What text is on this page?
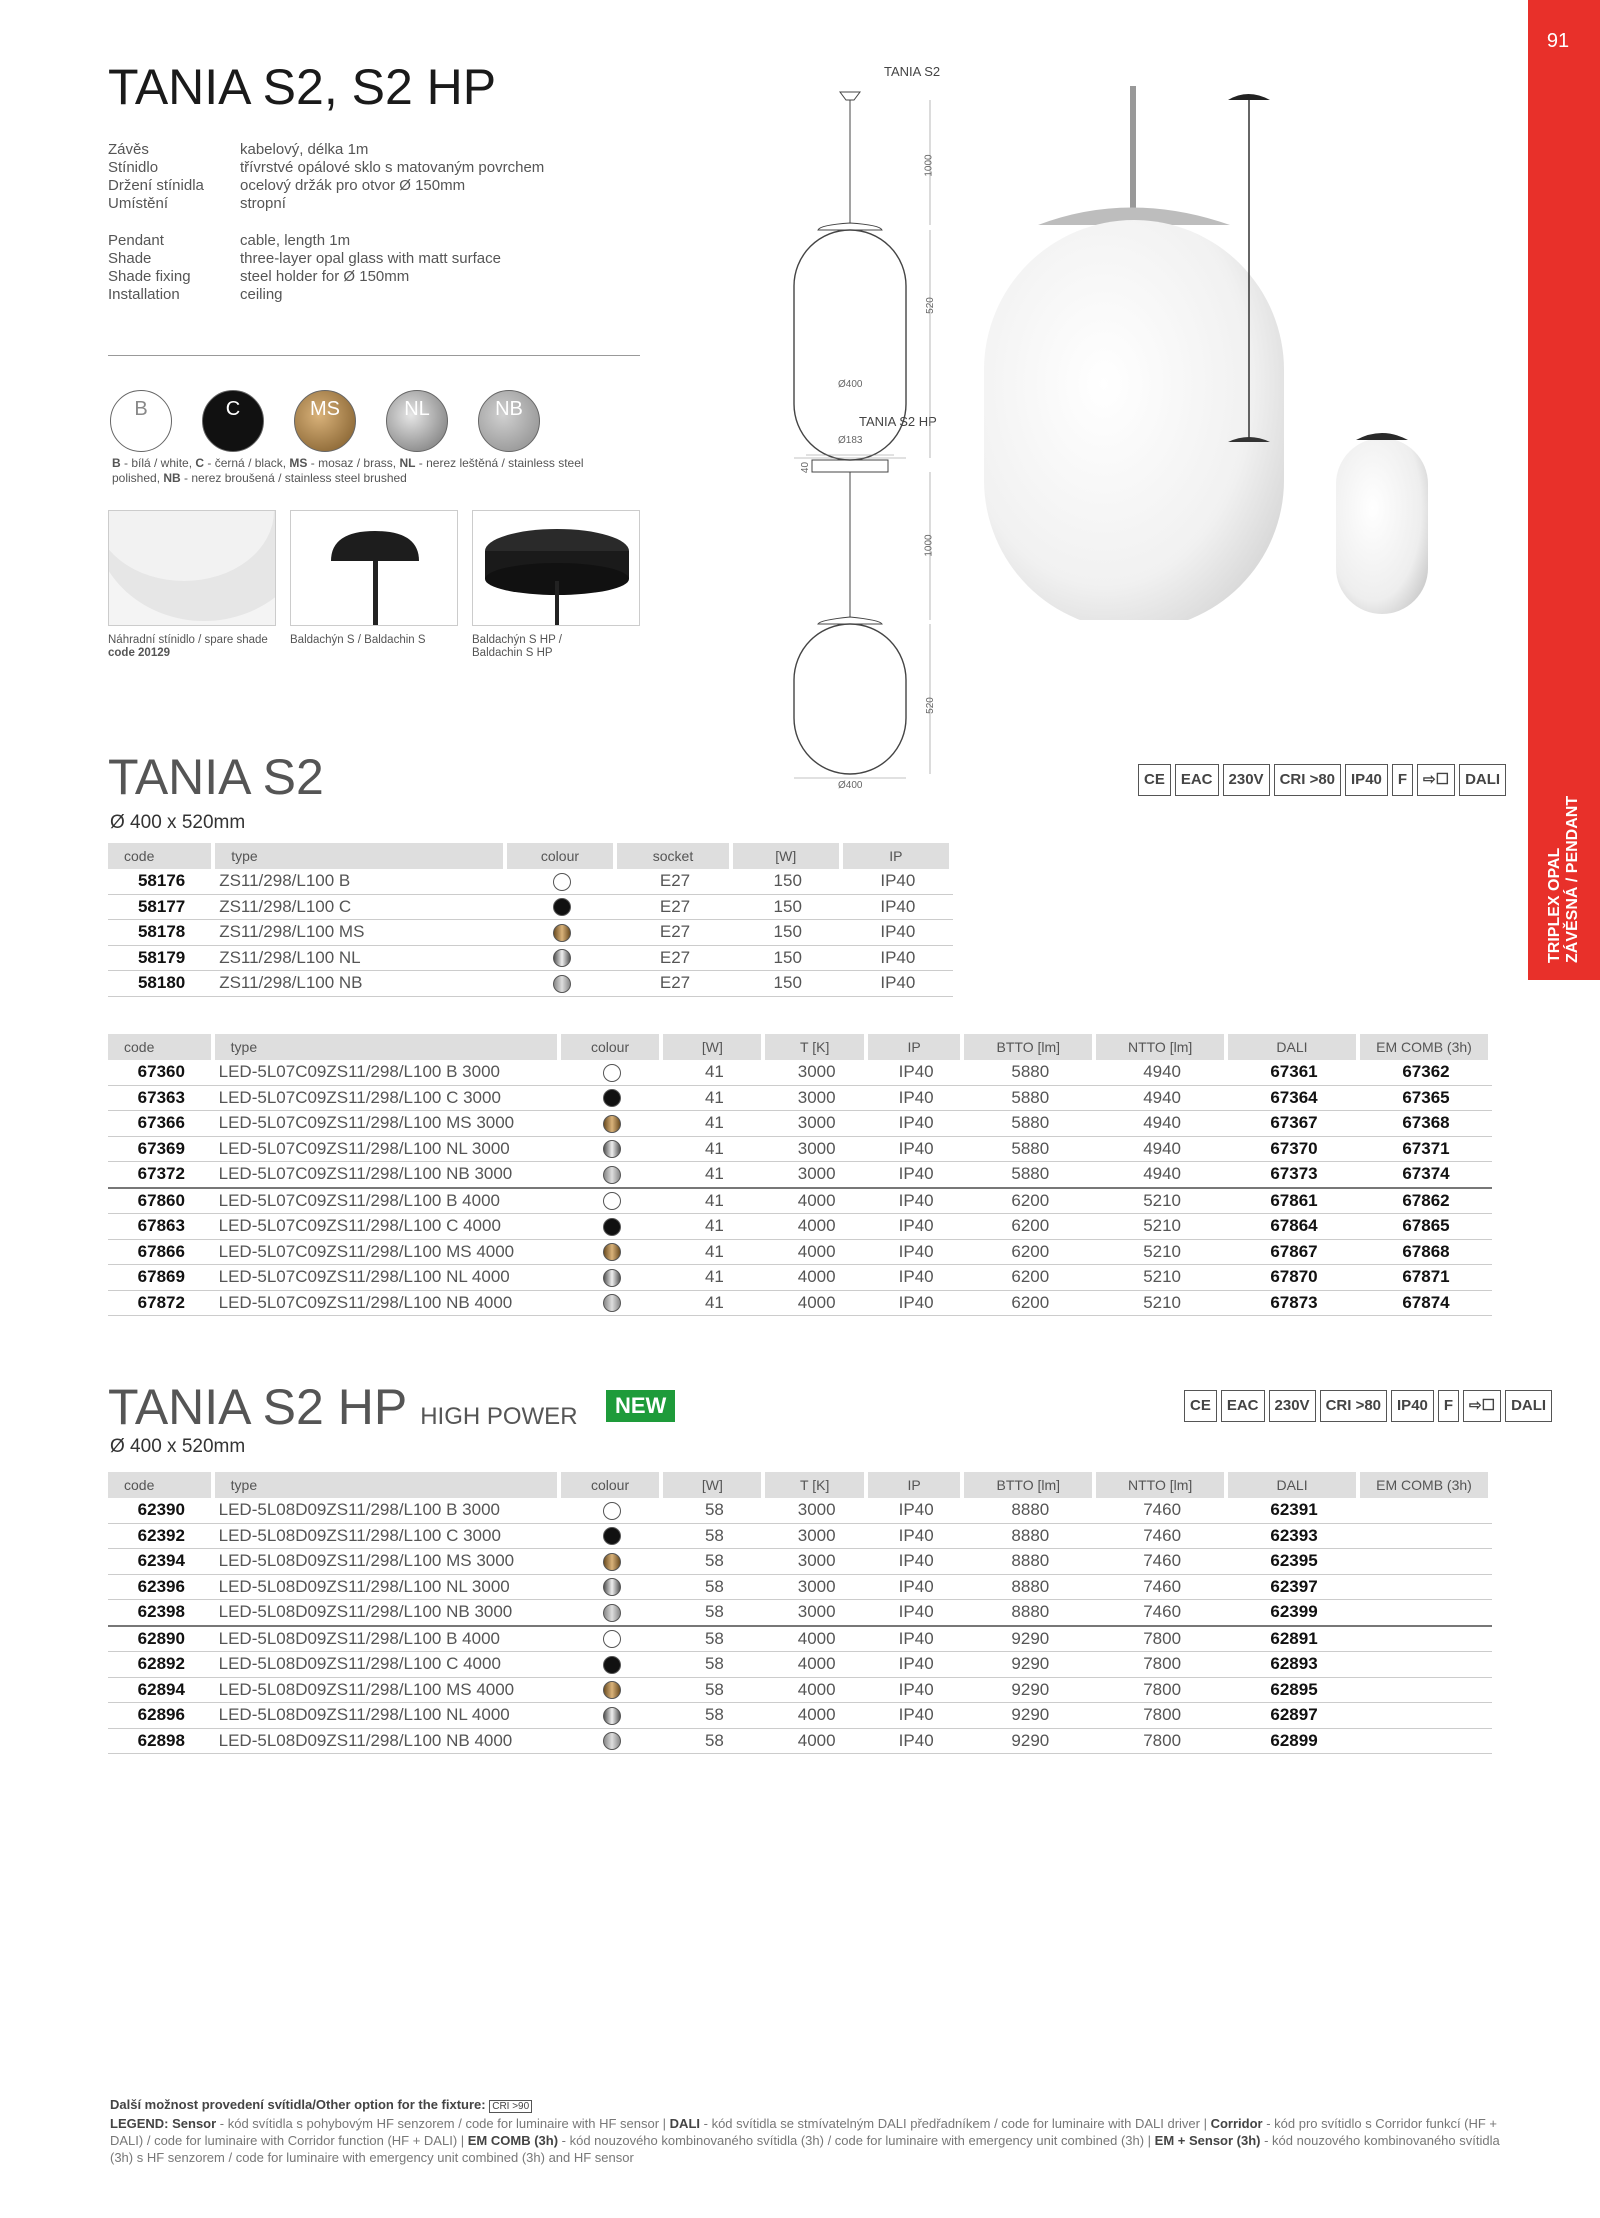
91
TRIPLEX OPAL ZÁVĚSNÁ / PENDANT
TANIA S2, S2 HP
Závěs	kabelový, délka 1m
Stínidlo	třívrstvé opálové sklo s matovaným povrchem
Držení stínidla ocelový držák pro otvor Ø 150mm
Umístění	stropní
Pendant	cable, length 1m
Shade	three-layer opal glass with matt surface
Shade fixing	steel holder for Ø 150mm
Installation	ceiling
B	C	MS	NL	NB
B - bílá / white, C - černá / black, MS - mosaz / brass, NL - nerez leštěná / stainless steel polished, NB - nerez broušená / stainless steel brushed
Náhradní stínidlo / spare shade
code 20129
Baldachýn S / Baldachin S	Baldachýn S HP / Baldachin S HP
TANIA S2
TANIA S2 HP
Ø400
Ø400
Ø183
1000
520
1000
520
40
TANIA S2
Ø 400 x 520mm
CE	EAC	230V	CRI >80	IP40	F	⇨☐	DALI
code	type	colour	socket	[W]	IP
58176	ZS11/298/L100 B		E27	150	IP40
58177	ZS11/298/L100 C		E27	150	IP40
58178	ZS11/298/L100 MS		E27	150	IP40
58179	ZS11/298/L100 NL		E27	150	IP40
58180	ZS11/298/L100 NB		E27	150	IP40
code	type	colour	[W]	T [K]	IP	BTTO [lm]	NTTO [lm]	DALI	EM COMB (3h)
67360	LED-5L07C09ZS11/298/L100 B 3000		41	3000	IP40	5880	4940	67361	67362
67363	LED-5L07C09ZS11/298/L100 C 3000		41	3000	IP40	5880	4940	67364	67365
67366	LED-5L07C09ZS11/298/L100 MS 3000		41	3000	IP40	5880	4940	67367	67368
67369	LED-5L07C09ZS11/298/L100 NL 3000		41	3000	IP40	5880	4940	67370	67371
67372	LED-5L07C09ZS11/298/L100 NB 3000		41	3000	IP40	5880	4940	67373	67374
67860	LED-5L07C09ZS11/298/L100 B 4000		41	4000	IP40	6200	5210	67861	67862
67863	LED-5L07C09ZS11/298/L100 C 4000		41	4000	IP40	6200	5210	67864	67865
67866	LED-5L07C09ZS11/298/L100 MS 4000		41	4000	IP40	6200	5210	67867	67868
67869	LED-5L07C09ZS11/298/L100 NL 4000		41	4000	IP40	6200	5210	67870	67871
67872	LED-5L07C09ZS11/298/L100 NB 4000		41	4000	IP40	6200	5210	67873	67874
TANIA S2 HP HIGH POWER	NEW
Ø 400 x 520mm
CE	EAC	230V	CRI >80	IP40	F	⇨☐	DALI
code	type	colour	[W]	T [K]	IP	BTTO [lm]	NTTO [lm]	DALI	EM COMB (3h)
62390	LED-5L08D09ZS11/298/L100 B 3000		58	3000	IP40	8880	7460	62391	
62392	LED-5L08D09ZS11/298/L100 C 3000		58	3000	IP40	8880	7460	62393	
62394	LED-5L08D09ZS11/298/L100 MS 3000		58	3000	IP40	8880	7460	62395	
62396	LED-5L08D09ZS11/298/L100 NL 3000		58	3000	IP40	8880	7460	62397	
62398	LED-5L08D09ZS11/298/L100 NB 3000		58	3000	IP40	8880	7460	62399	
62890	LED-5L08D09ZS11/298/L100 B 4000		58	4000	IP40	9290	7800	62891	
62892	LED-5L08D09ZS11/298/L100 C 4000		58	4000	IP40	9290	7800	62893	
62894	LED-5L08D09ZS11/298/L100 MS 4000		58	4000	IP40	9290	7800	62895	
62896	LED-5L08D09ZS11/298/L100 NL 4000		58	4000	IP40	9290	7800	62897	
62898	LED-5L08D09ZS11/298/L100 NB 4000		58	4000	IP40	9290	7800	62899	
Další možnost provedení svítidla/Other option for the fixture: CRI >90
LEGEND: Sensor - kód svítidla s pohybovým HF senzorem / code for luminaire with HF sensor | DALI - kód svítidla se stmívatelným DALI předřadníkem / code for luminaire with DALI driver | Corridor - kód pro svítidlo s Corridor funkcí (HF + DALI) / code for luminaire with Corridor function (HF + DALI) | EM COMB (3h) - kód nouzového kombinovaného svítidla (3h) / code for luminaire with emergency unit combined (3h) | EM + Sensor (3h) - kód nouzového kombinovaného svítidla (3h) s HF senzorem / code for luminaire with emergency unit combined (3h) and HF sensor
